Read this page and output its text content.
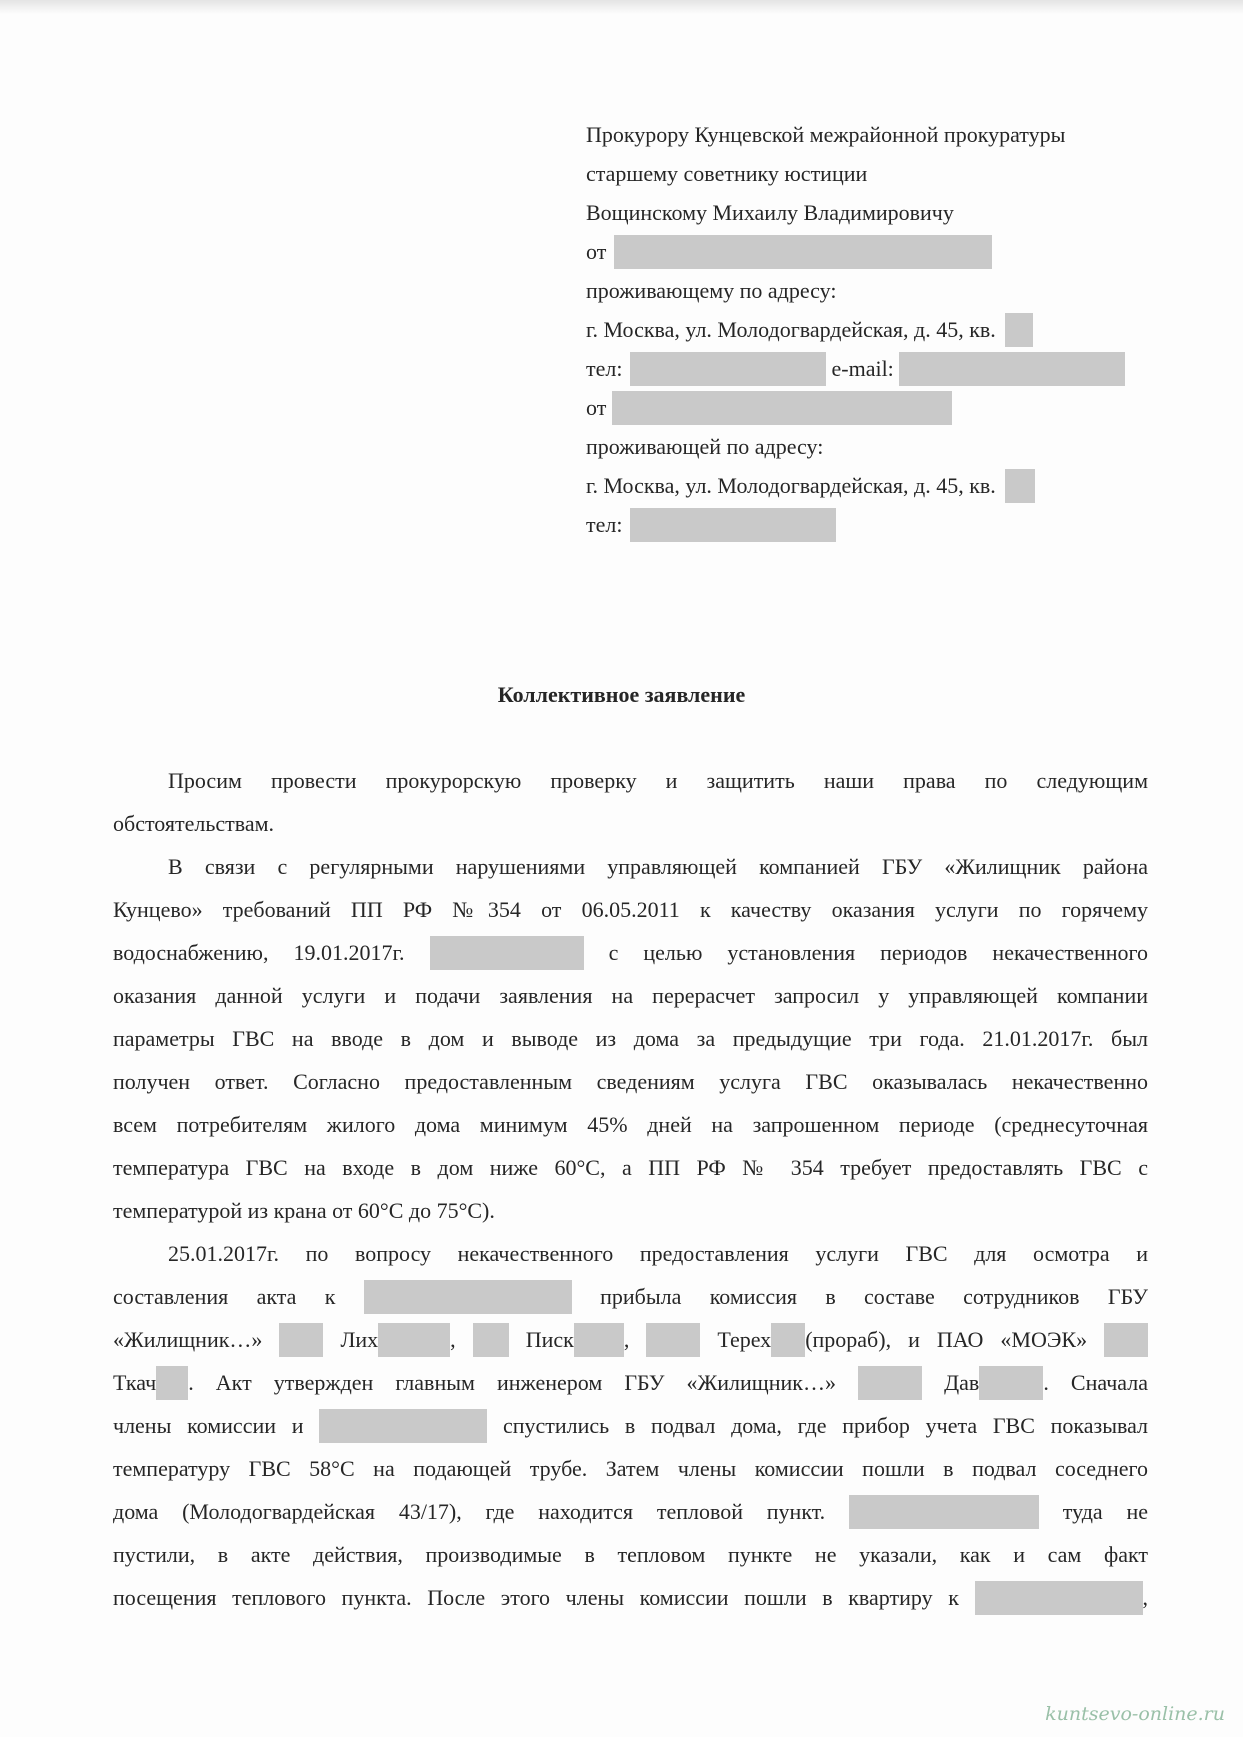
Прокурору Кунцевской межрайонной прокуратуры
старшему советнику юстиции
Вощинскому Михаилу Владимировичу
от
проживающему по адресу:
г. Москва, ул. Молодогвардейская, д. 45, кв.
тел:	e-mail:
от
проживающей по адресу:
г. Москва, ул. Молодогвардейская, д. 45, кв.
тел:
Коллективное заявление
Просим провести прокурорскую проверку и защитить наши права по следующим
обстоятельствам.
В связи с регулярными нарушениями управляющей компанией ГБУ «Жилищник района
Кунцево» требований ПП РФ №354 от 06.05.2011 к качеству оказания услуги по горячему
водоснабжению, 19.01.2017г.	с целью установления периодов некачественного
оказания данной услуги и подачи заявления на перерасчет запросил у управляющей компании
параметры ГВС на вводе в дом и выводе из дома за предыдущие три года. 21.01.2017г. был
получен ответ. Согласно предоставленным сведениям услуга ГВС оказывалась некачественно
всем потребителям жилого дома минимум 45% дней на запрошенном периоде (среднесуточная
температура ГВС на входе в дом ниже 60°С, а ПП РФ № 354 требует предоставлять ГВС с
температурой из крана от 60°С до 75°С).
25.01.2017г. по вопросу некачественного предоставления услуги ГВС для осмотра и
составления акта к	прибыла комиссия в составе сотрудников ГБУ
«Жилищник…»	Лих	,	Писк ,	Терех (прораб), и ПАО «МОЭК»
Ткач . Акт утвержден главным инженером ГБУ «Жилищник…»	Дав	. Сначала
члены комиссии и	спустились в подвал дома, где прибор учета ГВС показывал
температуру ГВС 58°С на подающей трубе. Затем члены комиссии пошли в подвал соседнего
дома (Молодогвардейская 43/17), где находится тепловой пункт.	туда не
пустили, в акте действия, производимые в тепловом пункте не указали, как и сам факт
посещения теплового пункта. После этого члены комиссии пошли в квартиру к	,
kuntsevo-online.ru
